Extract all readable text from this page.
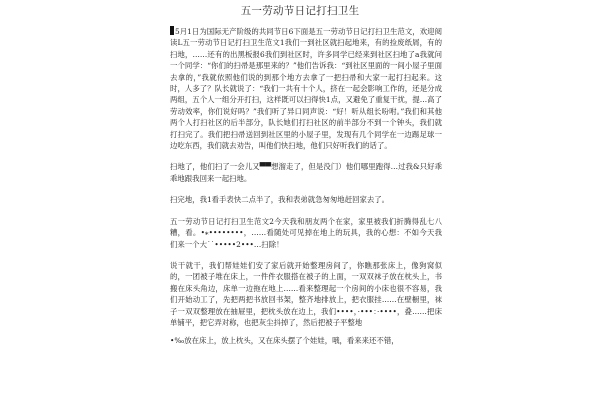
五一劳动节日记打扫卫生

5月1日为国际无产阶级的共同节日6下面是五一劳动节日记打扫卫生范文，欢迎阅读L五一劳动节日记打扫卫生范文1我们一到社区就扫起地来，有的捡废纸屑，有的扫地，……还有的出黑板报6我们到社区时，许多同学已经来到社区扫地了a我就问一个同学：“你们的扫帚是那里来的？”他们告诉我：“到社区里面的一间小屋子里面去拿的，”我就依照他们说的到那个地方去拿了一把扫帚和大家一起打扫起来。这时，人多了？队长就说了：“我们一共有十个人，挤在一起会影响工作的，还是分成两组，五个人一组分开打扫，这样既可以扫得快1点，又避免了重复干扰，提…高了劳动效率，你们说好吗？”我们听了异口同声说：“好！听从组长吩咐。”我们和其他两个人打扫社区的后半部分，队长她们打扫社区的前半部分不到一个钟头，我们就打扫完了。我们把扫帚送回到社区里的小屋子里，发现有几个同学在一边踢足球一边吃东西，我们就去劝告，叫他们快扫地，他们只好听我们的话了。

扫地了，他们扫了一会儿又▀▀想溜走了，但是没门）他们哪里跑得…过我&只好乖乖地跟我回来一起扫地。

扫完地，我1看手表快二点半了，我和表弟就急匆匆地赶回家去了。

五一劳动节日记打扫卫生范文2今天我和朋友两个在家，家里被我们折腾得乱七八糟，看。•⁎••••••••，……看随处可见掉在地上的玩具，我的心想：不如今天我们来一个大˙˙•••••2•••…扫除！

说干就干，我们帮娃娃们安了家后就开始整理房间了，你瞧那张床上，像狗窝似的，一团被子堆在床上，一件件衣服搭在被子的上面，一双双袜子放在枕头上，书搬在床头角边，床单一边拖在地上……看来整理起一个房间的小床也很不容易，我们开始动工了，先把两把书放回书架，整齐地排放上，把衣服挂……在壁橱里，袜子一双双整理放在抽屉里，把枕头放在边上，我们••••，·•••：·••••，叠……把床单铺平，把它弄对称，也把灰尘抖掉了，然后把被子平整地

•‰放在床上，放上枕头，又在床头摆了个娃娃，哦，看来来还不错，
